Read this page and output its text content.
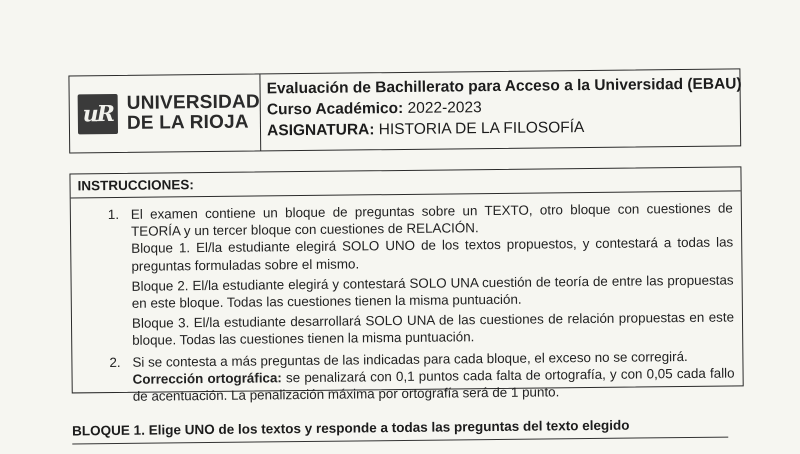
uR UNIVERSIDAD
DE LA RIOJA
Evaluación de Bachillerato para Acceso a la Universidad (EBAU)
Curso Académico: 2022-2023
ASIGNATURA: HISTORIA DE LA FILOSOFÍA
INSTRUCCIONES:
1. El examen contiene un bloque de preguntas sobre un TEXTO, otro bloque con cuestiones de TEORÍA y un tercer bloque con cuestiones de RELACIÓN.
Bloque 1. El/la estudiante elegirá SOLO UNO de los textos propuestos, y contestará a todas las preguntas formuladas sobre el mismo.
Bloque 2. El/la estudiante elegirá y contestará SOLO UNA cuestión de teoría de entre las propuestas en este bloque. Todas las cuestiones tienen la misma puntuación.
Bloque 3. El/la estudiante desarrollará SOLO UNA de las cuestiones de relación propuestas en este bloque. Todas las cuestiones tienen la misma puntuación.
2. Si se contesta a más preguntas de las indicadas para cada bloque, el exceso no se corregirá.
Corrección ortográfica: se penalizará con 0,1 puntos cada falta de ortografía, y con 0,05 cada fallo de acentuación. La penalización máxima por ortografía será de 1 punto.
BLOQUE 1. Elige UNO de los textos y responde a todas las preguntas del texto elegido
